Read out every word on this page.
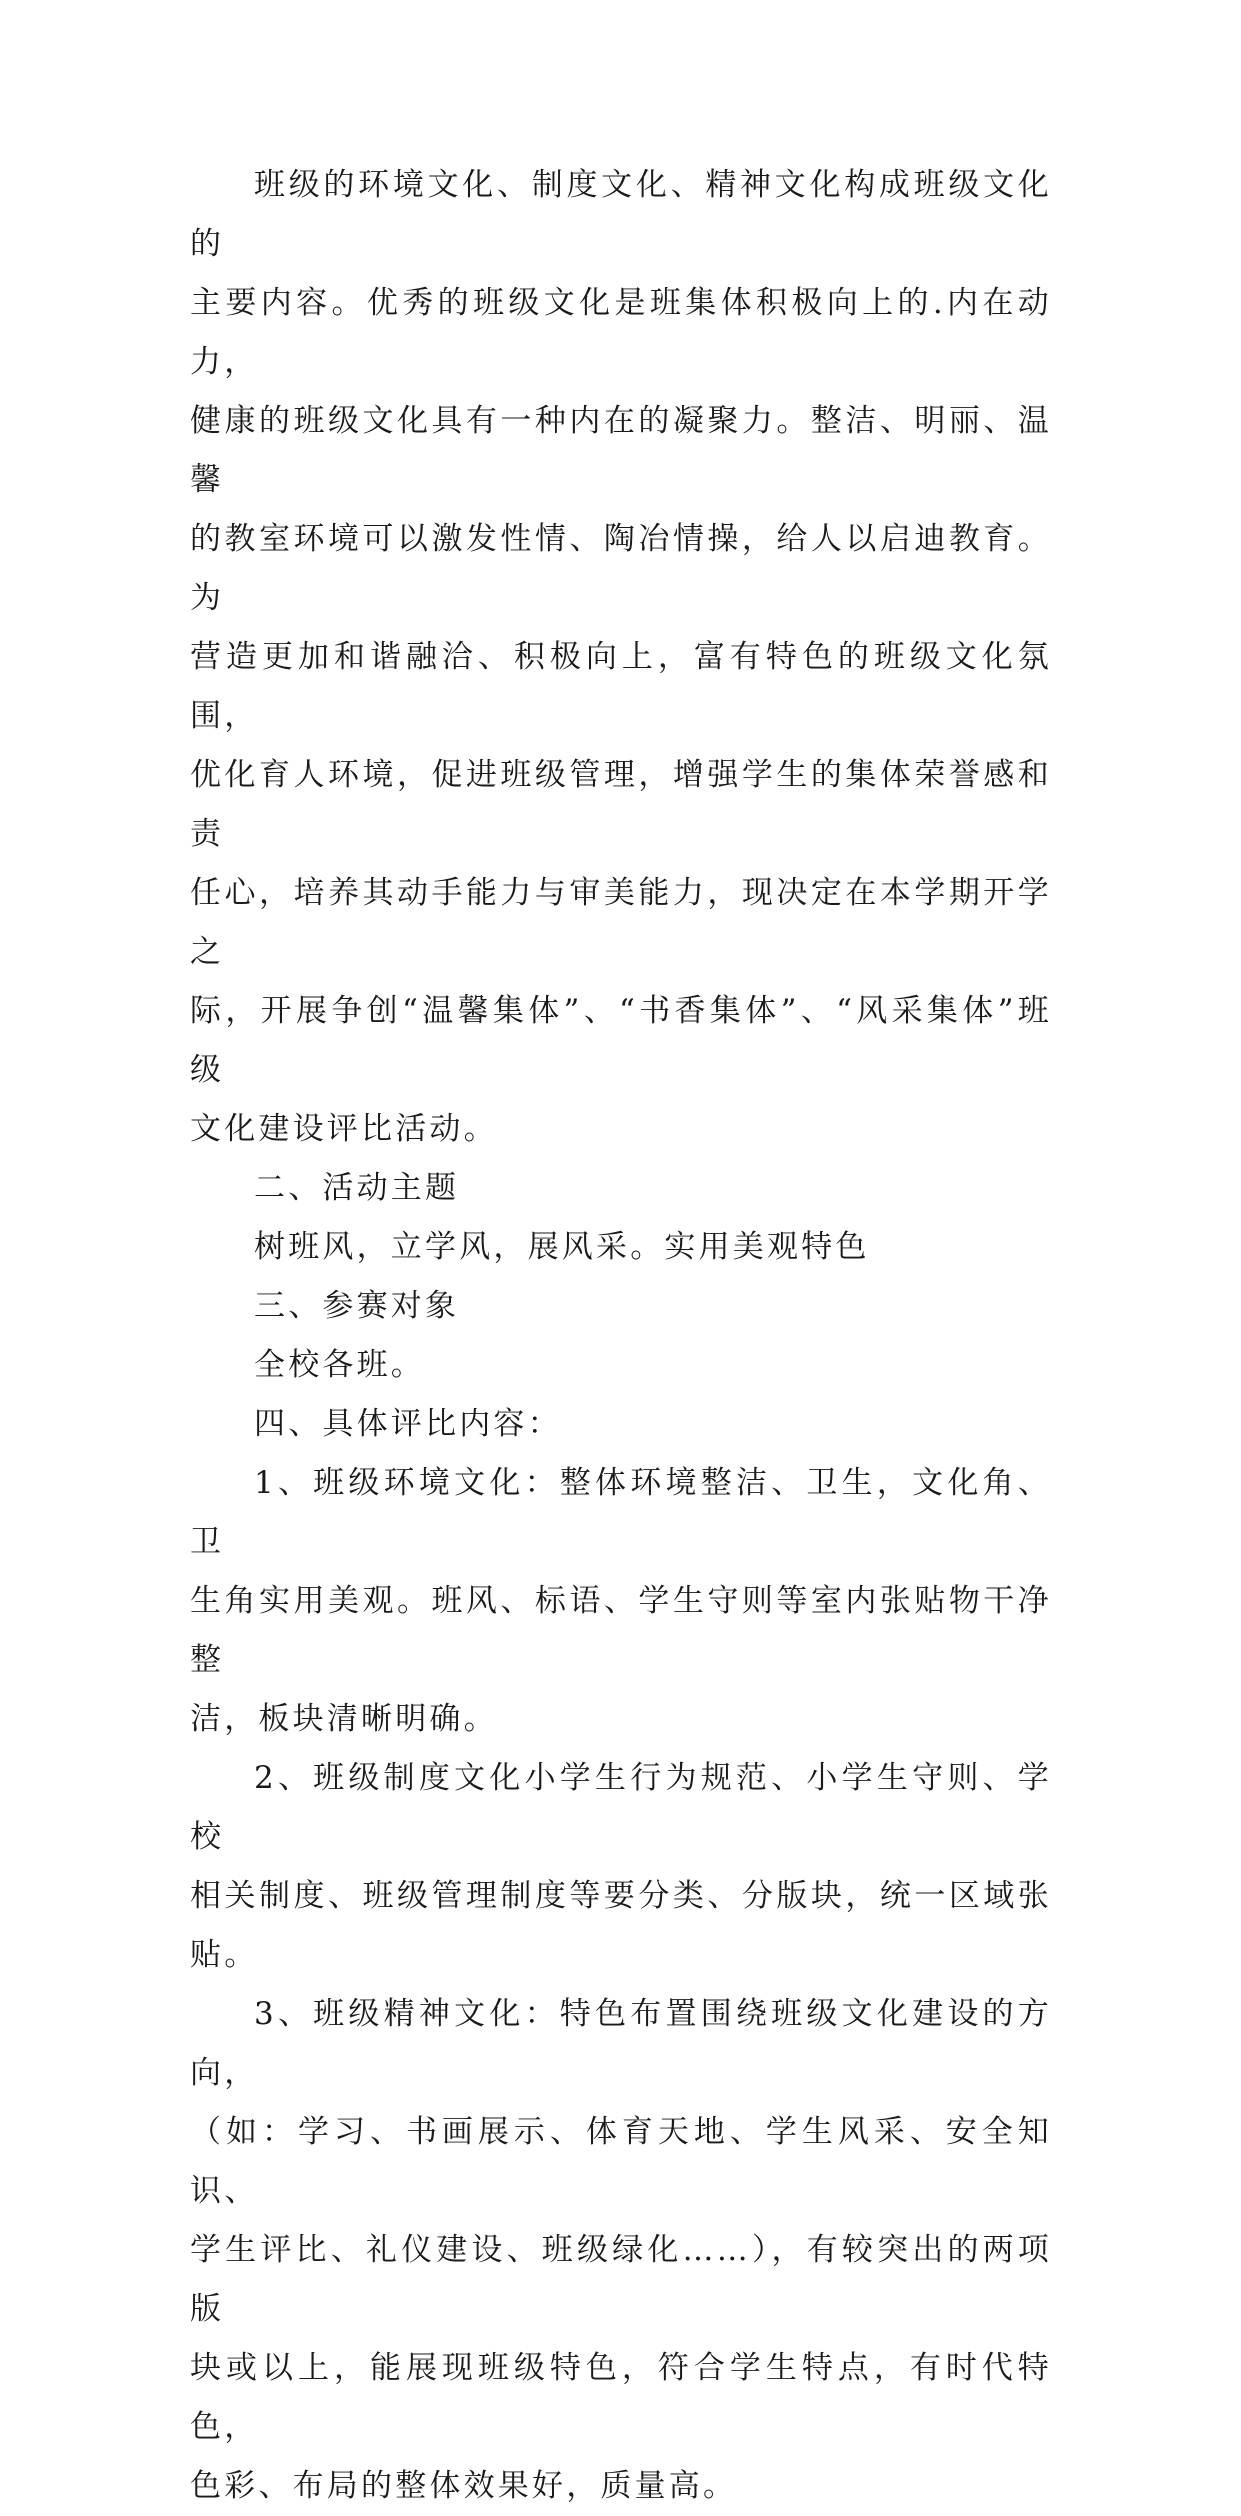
班级的环境文化、制度文化、精神文化构成班级文化的
主要内容。优秀的班级文化是班集体积极向上的.内在动力，
健康的班级文化具有一种内在的凝聚力。整洁、明丽、温馨
的教室环境可以激发性情、陶冶情操，给人以启迪教育。为
营造更加和谐融洽、积极向上，富有特色的班级文化氛围，
优化育人环境，促进班级管理，增强学生的集体荣誉感和责
任心，培养其动手能力与审美能力，现决定在本学期开学之
际，开展争创“温馨集体”、“书香集体”、“风采集体”班级
文化建设评比活动。

二、活动主题

树班风，立学风，展风采。实用美观特色

三、参赛对象

全校各班。

四、具体评比内容：

1、班级环境文化：整体环境整洁、卫生，文化角、卫
生角实用美观。班风、标语、学生守则等室内张贴物干净整
洁，板块清晰明确。

2、班级制度文化小学生行为规范、小学生守则、学校
相关制度、班级管理制度等要分类、分版块，统一区域张贴。

3、班级精神文化：特色布置围绕班级文化建设的方向，
（如：学习、书画展示、体育天地、学生风采、安全知识、
学生评比、礼仪建设、班级绿化……），有较突出的两项版
块或以上，能展现班级特色，符合学生特点，有时代特色，
色彩、布局的整体效果好，质量高。
